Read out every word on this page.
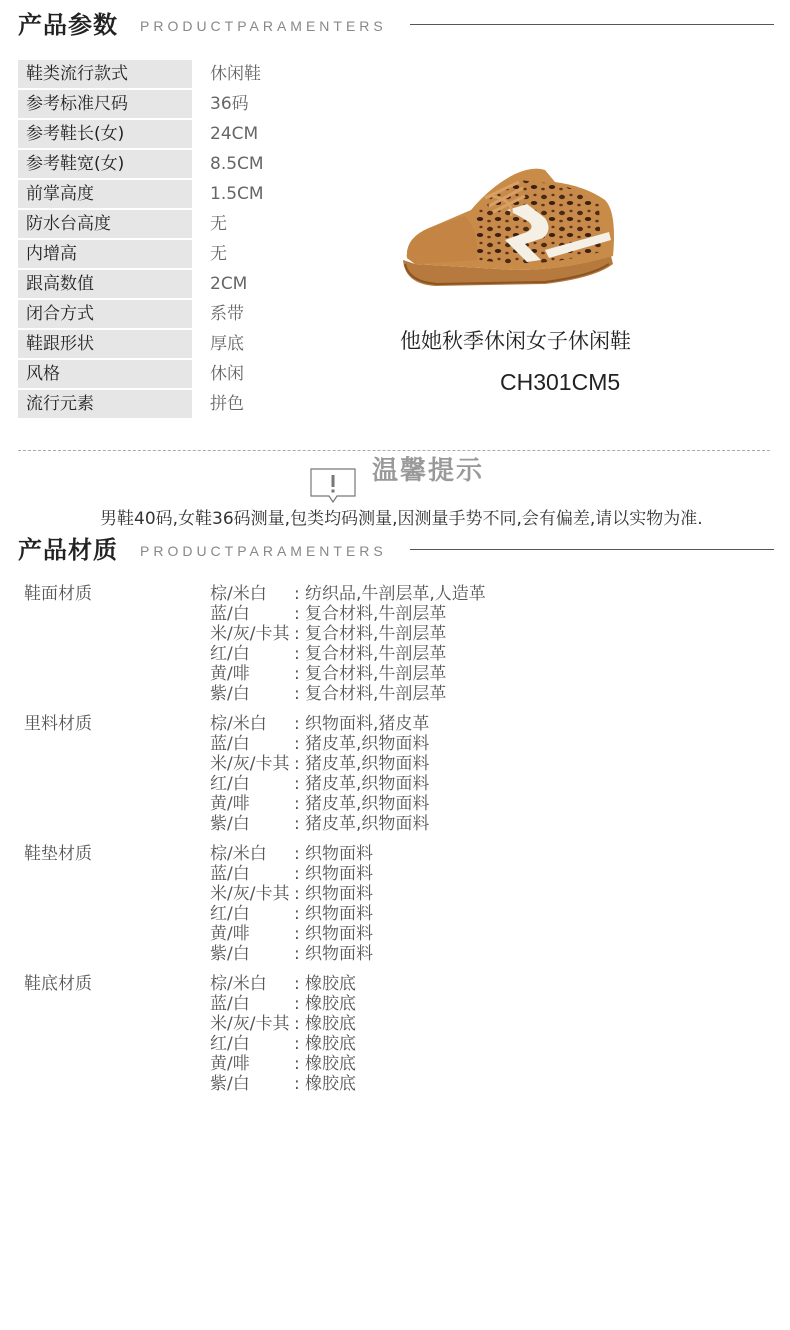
产品参数 PRODUCTPARAMENTERS
鞋类流行款式	休闲鞋
参考标准尺码	36码
参考鞋长(女)	24CM
参考鞋宽(女)	8.5CM
前掌高度	1.5CM
防水台高度	无
内增高	无
跟高数值	2CM
闭合方式	系带
鞋跟形状	厚底
风格	休闲
流行元素	拼色
他她秋季休闲女子休闲鞋
CH301CM5
温馨提示
男鞋40码,女鞋36码测量,包类均码测量,因测量手势不同,会有偏差,请以实物为准.
产品材质 PRODUCTPARAMENTERS
鞋面材质	棕/米白 : 纺织品,牛剖层革,人造革
蓝/白	: 复合材料,牛剖层革
米/灰/卡其 : 复合材料,牛剖层革
红/白	: 复合材料,牛剖层革
黄/啡	: 复合材料,牛剖层革
紫/白	: 复合材料,牛剖层革
里料材质	棕/米白 : 织物面料,猪皮革
蓝/白	: 猪皮革,织物面料
米/灰/卡其 : 猪皮革,织物面料
红/白	: 猪皮革,织物面料
黄/啡	: 猪皮革,织物面料
紫/白	: 猪皮革,织物面料
鞋垫材质	棕/米白 : 织物面料
蓝/白	: 织物面料
米/灰/卡其 : 织物面料
红/白	: 织物面料
黄/啡	: 织物面料
紫/白	: 织物面料
鞋底材质	棕/米白 : 橡胶底
蓝/白	: 橡胶底
米/灰/卡其 : 橡胶底
红/白	: 橡胶底
黄/啡	: 橡胶底
紫/白	: 橡胶底
